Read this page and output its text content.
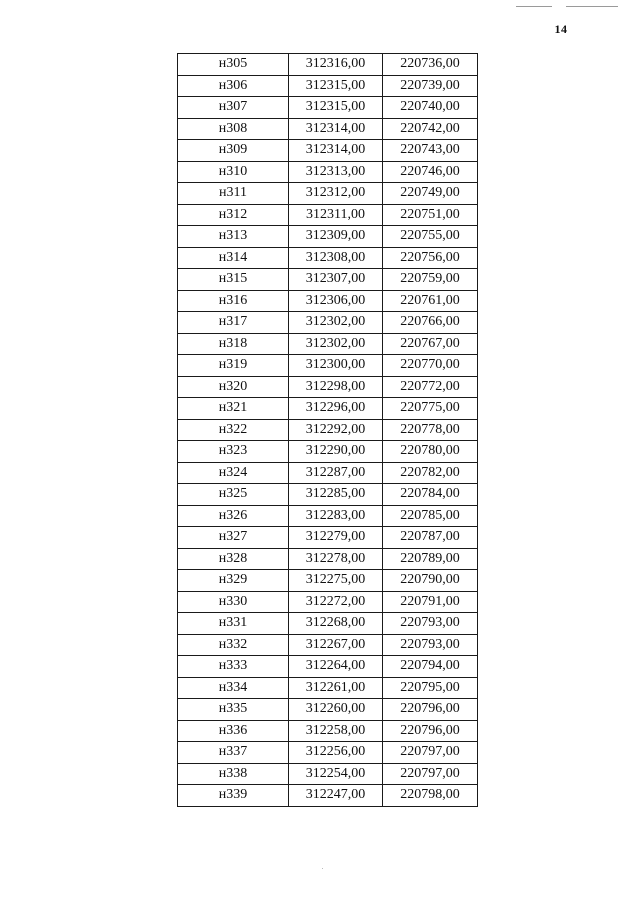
14
н305	312316,00	220736,00
н306	312315,00	220739,00
н307	312315,00	220740,00
н308	312314,00	220742,00
н309	312314,00	220743,00
н310	312313,00	220746,00
н311	312312,00	220749,00
н312	312311,00	220751,00
н313	312309,00	220755,00
н314	312308,00	220756,00
н315	312307,00	220759,00
н316	312306,00	220761,00
н317	312302,00	220766,00
н318	312302,00	220767,00
н319	312300,00	220770,00
н320	312298,00	220772,00
н321	312296,00	220775,00
н322	312292,00	220778,00
н323	312290,00	220780,00
н324	312287,00	220782,00
н325	312285,00	220784,00
н326	312283,00	220785,00
н327	312279,00	220787,00
н328	312278,00	220789,00
н329	312275,00	220790,00
н330	312272,00	220791,00
н331	312268,00	220793,00
н332	312267,00	220793,00
н333	312264,00	220794,00
н334	312261,00	220795,00
н335	312260,00	220796,00
н336	312258,00	220796,00
н337	312256,00	220797,00
н338	312254,00	220797,00
н339	312247,00	220798,00
